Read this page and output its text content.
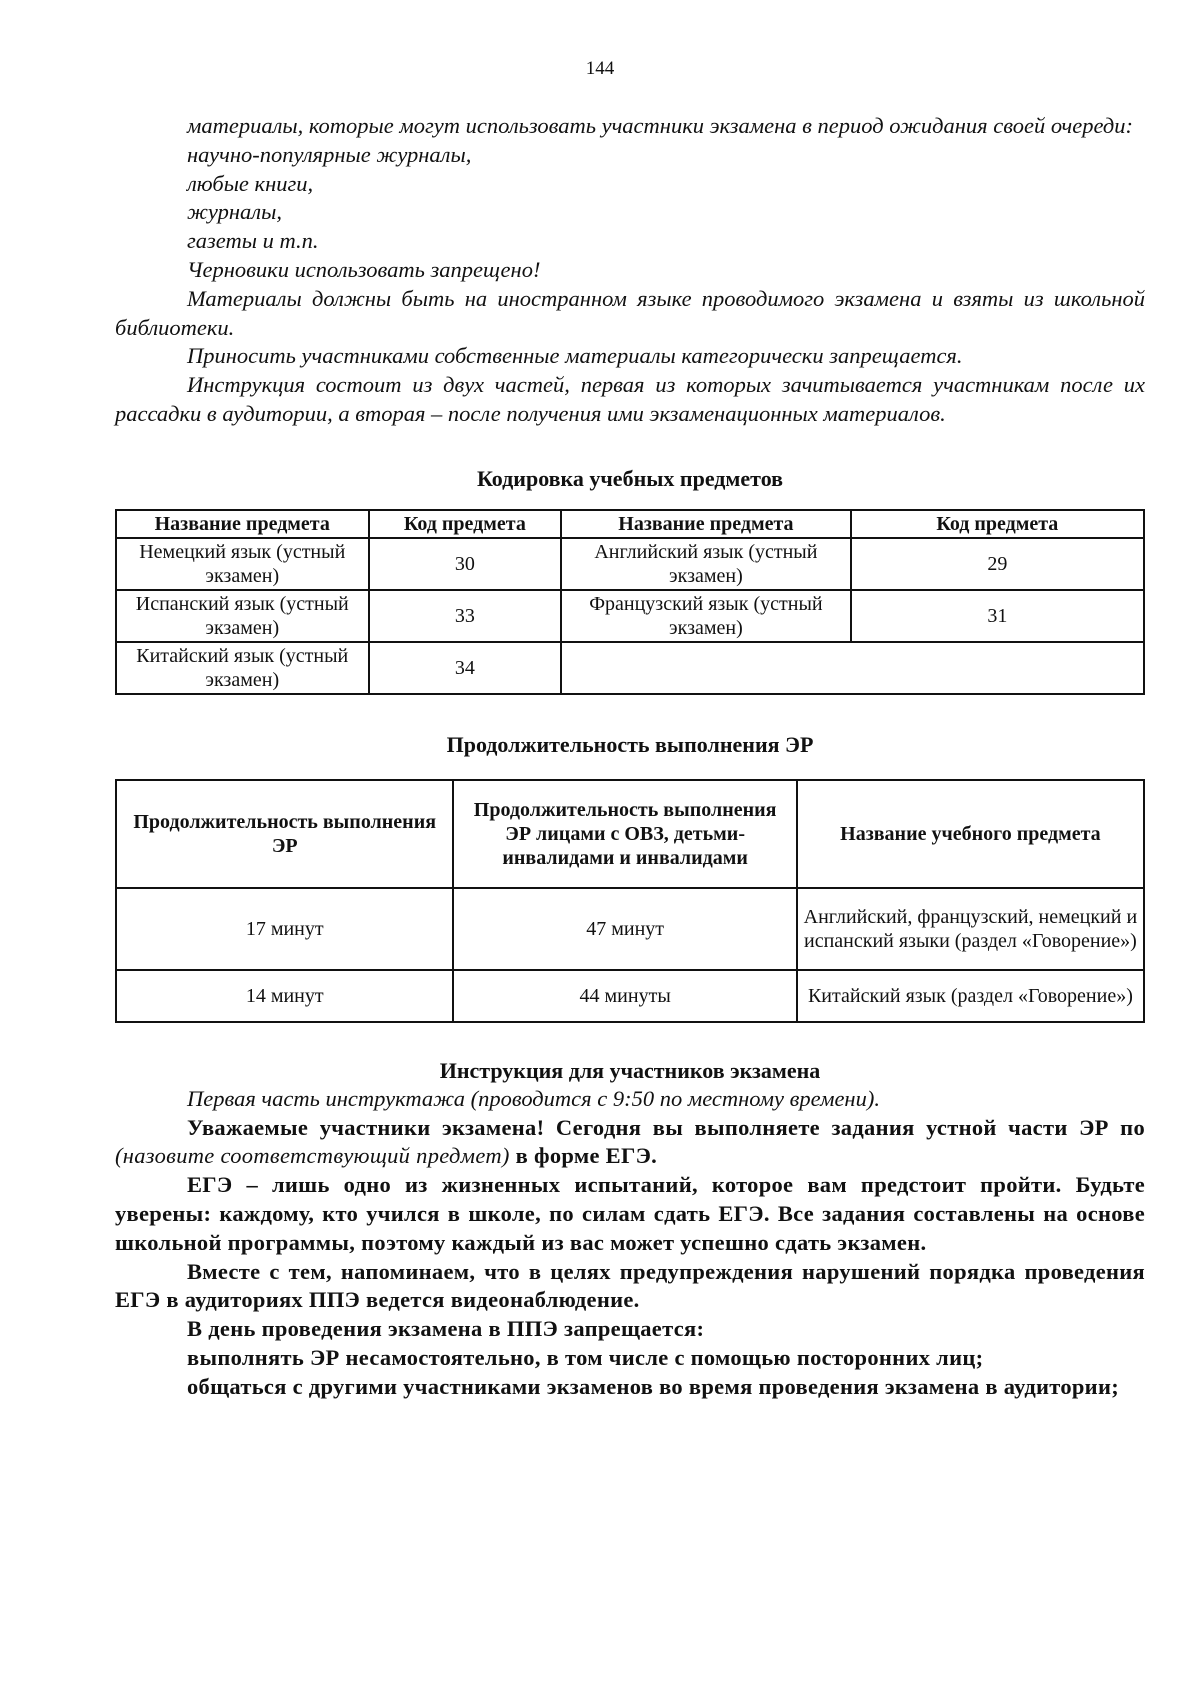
144

материалы, которые могут использовать участники экзамена в период ожидания своей очереди:

научно-популярные журналы,

любые книги,

журналы,

газеты и т.п.

Черновики использовать запрещено!

Материалы должны быть на иностранном языке проводимого экзамена и взяты из школьной библиотеки.

Приносить участниками собственные материалы категорически запрещается.

Инструкция состоит из двух частей, первая из которых зачитывается участникам после их рассадки в аудитории, а вторая – после получения ими экзаменационных материалов.

Кодировка учебных предметов
Название предмета	Код предмета	Название предмета	Код предмета
Немецкий язык (устный экзамен)	30	Английский язык (устный экзамен)	29
Испанский язык (устный экзамен)	33	Французский язык (устный экзамен)	31
Китайский язык (устный экзамен)	34		
Продолжительность выполнения ЭР
Продолжительность выполнения ЭР	Продолжительность выполнения ЭР лицами с ОВЗ, детьми-инвалидами и инвалидами	Название учебного предмета
17 минут	47 минут	Английский, французский, немецкий и испанский языки (раздел «Говорение»)
14 минут	44 минуты	Китайский язык (раздел «Говорение»)
Инструкция для участников экзамена

Первая часть инструктажа (проводится с 9:50 по местному времени).

Уважаемые участники экзамена! Сегодня вы выполняете задания устной части ЭР по (назовите соответствующий предмет) в форме ЕГЭ.

ЕГЭ – лишь одно из жизненных испытаний, которое вам предстоит пройти. Будьте уверены: каждому, кто учился в школе, по силам сдать ЕГЭ. Все задания составлены на основе школьной программы, поэтому каждый из вас может успешно сдать экзамен.

Вместе с тем, напоминаем, что в целях предупреждения нарушений порядка проведения ЕГЭ в аудиториях ППЭ ведется видеонаблюдение.

В день проведения экзамена в ППЭ запрещается:

выполнять ЭР несамостоятельно, в том числе с помощью посторонних лиц;

общаться с другими участниками экзаменов во время проведения экзамена в аудитории;
